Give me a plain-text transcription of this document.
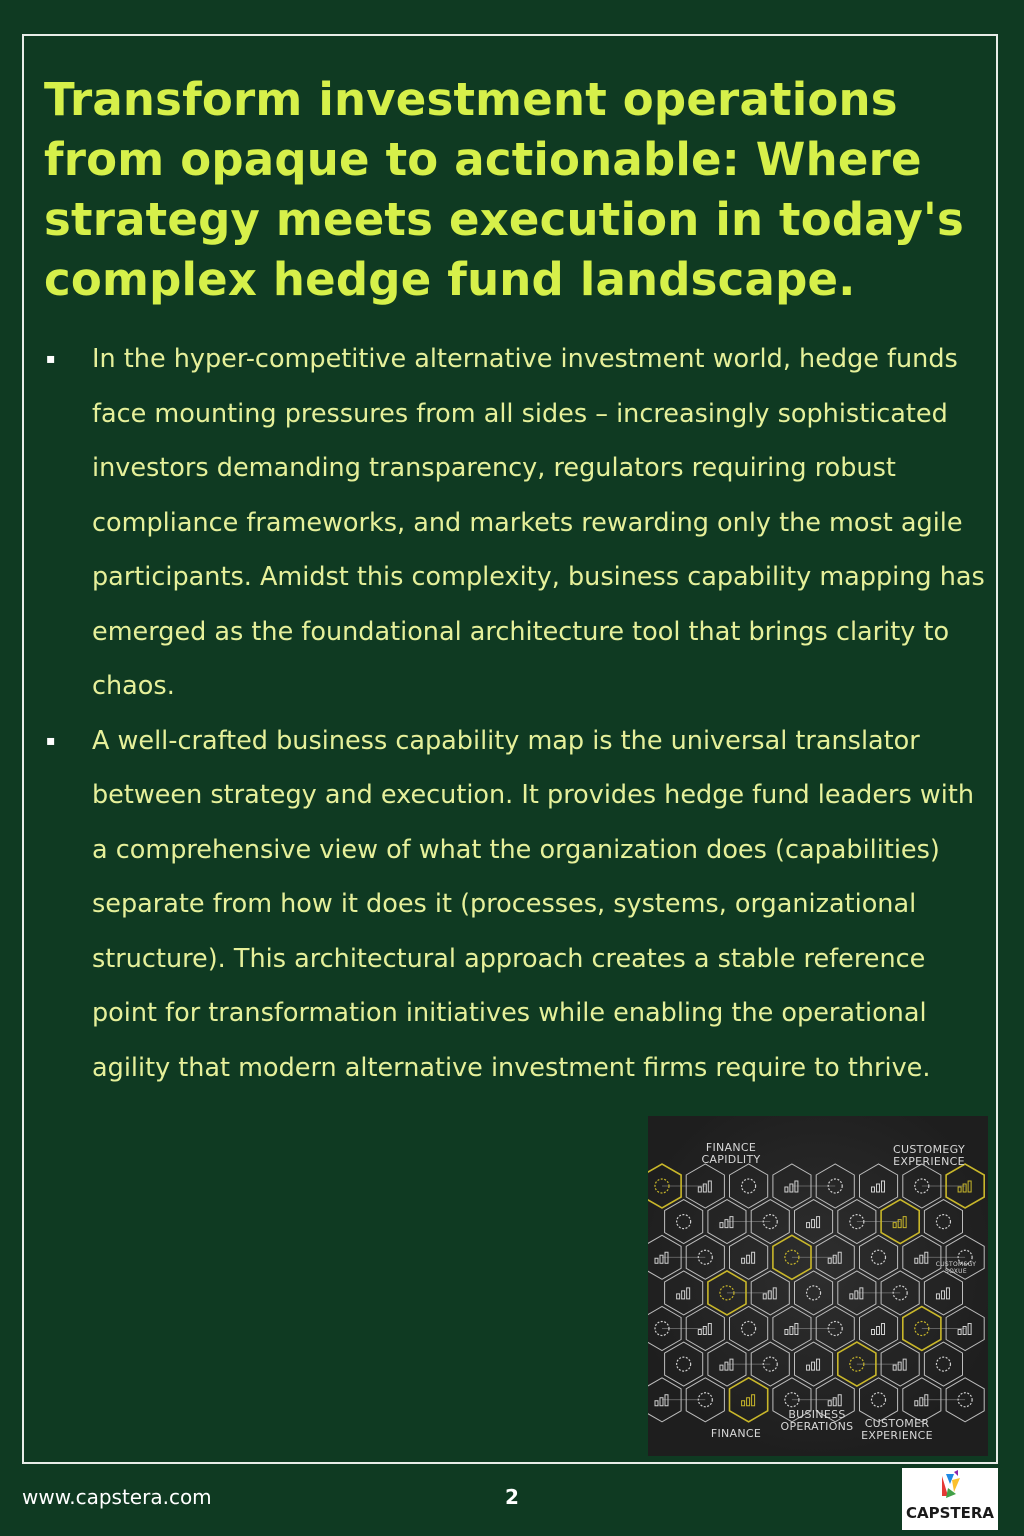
Transform investment operations from opaque to actionable: Where strategy meets execution in today's complex hedge fund landscape.
▪ In the hyper-competitive alternative investment world, hedge funds face mounting pressures from all sides – increasingly sophisticated investors demanding transparency, regulators requiring robust compliance frameworks, and markets rewarding only the most agile participants. Amidst this complexity, business capability mapping has emerged as the foundational architecture tool that brings clarity to chaos.
▪ A well-crafted business capability map is the universal translator between strategy and execution. It provides hedge fund leaders with a comprehensive view of what the organization does (capabilities) separate from how it does it (processes, systems, organizational structure). This architectural approach creates a stable reference point for transformation initiatives while enabling the operational agility that modern alternative investment firms require to thrive.
FINANCE
CAPIDLITY
CUSTOMEGY
EXPERIENCE
CUSTOMSGY
SOXUE
FINANCE
BUSINESS
OPERATIONS	CUSTOMER
EXPERIENCE
www.capstera.com	2
CAPSTERA
